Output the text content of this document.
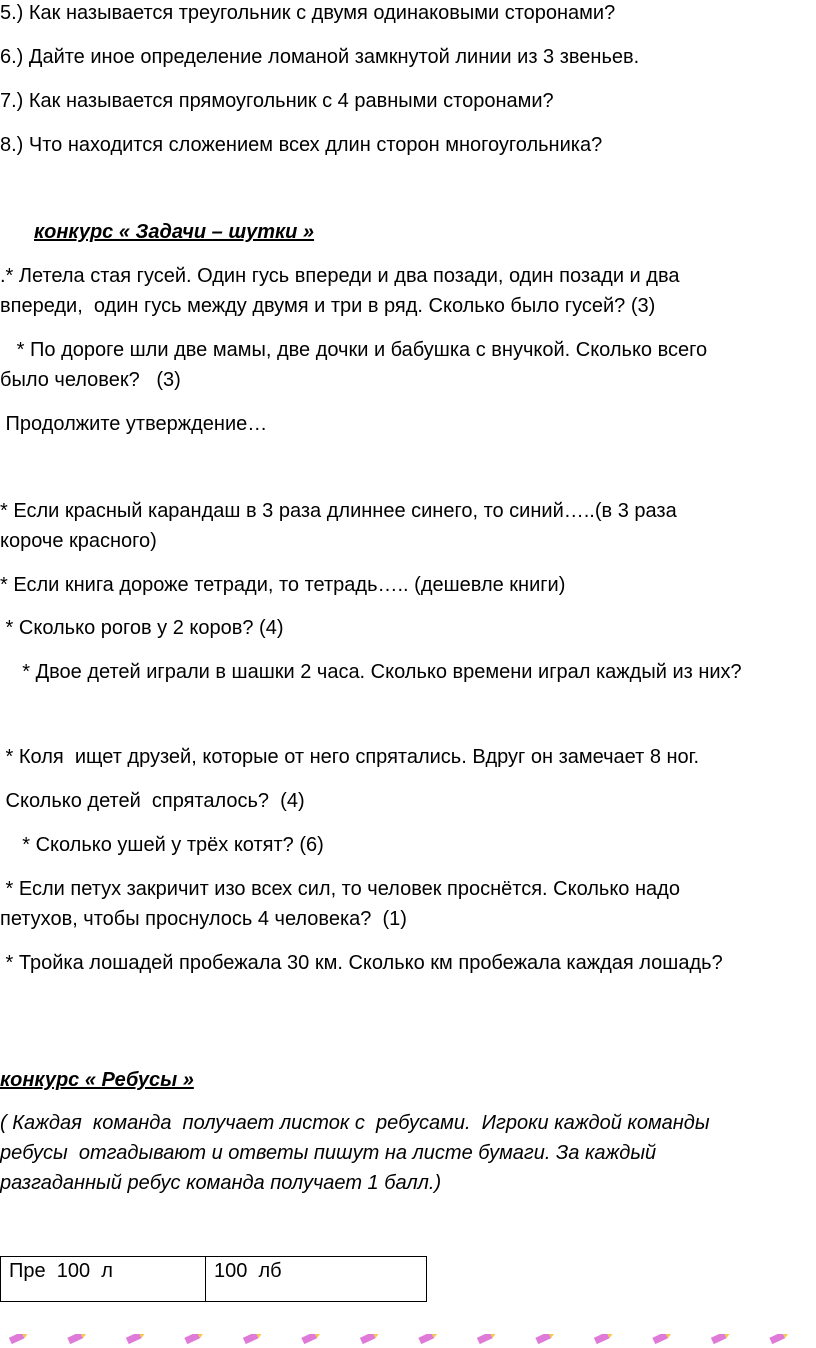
5.) Как называется треугольник с двумя одинаковыми сторонами?

6.) Дайте иное определение ломаной замкнутой линии из 3 звеньев.

7.) Как называется прямоугольник с 4 равными сторонами?

8.) Что находится сложением всех длин сторон многоугольника?

конкурс « Задачи – шутки »

.* Летела стая гусей. Один гусь впереди и два позади, один позади и два

впереди,  один гусь между двумя и три в ряд. Сколько было гусей? (3)

* По дороге шли две мамы, две дочки и бабушка с внучкой. Сколько всего

было человек?   (3)

Продолжите утверждение…

* Если красный карандаш в 3 раза длиннее синего, то синий…..(в 3 раза

короче красного)

* Если книга дороже тетради, то тетрадь….. (дешевле книги)

* Сколько рогов у 2 коров? (4)

* Двое детей играли в шашки 2 часа. Сколько времени играл каждый из них?

* Коля  ищет друзей, которые от него спрятались. Вдруг он замечает 8 ног.

Сколько детей  спряталось?  (4)

* Сколько ушей у трёх котят? (6)

* Если петух закричит изо всех сил, то человек проснётся. Сколько надо

петухов, чтобы проснулось 4 человека?  (1)

* Тройка лошадей пробежала 30 км. Сколько км пробежала каждая лошадь?

конкурс « Ребусы »

( Каждая  команда  получает листок с  ребусами.  Игроки каждой команды

ребусы  отгадывают и ответы пишут на листе бумаги. За каждый

разгаданный ребус команда получает 1 балл.)

Пре  100  л	100  лб
